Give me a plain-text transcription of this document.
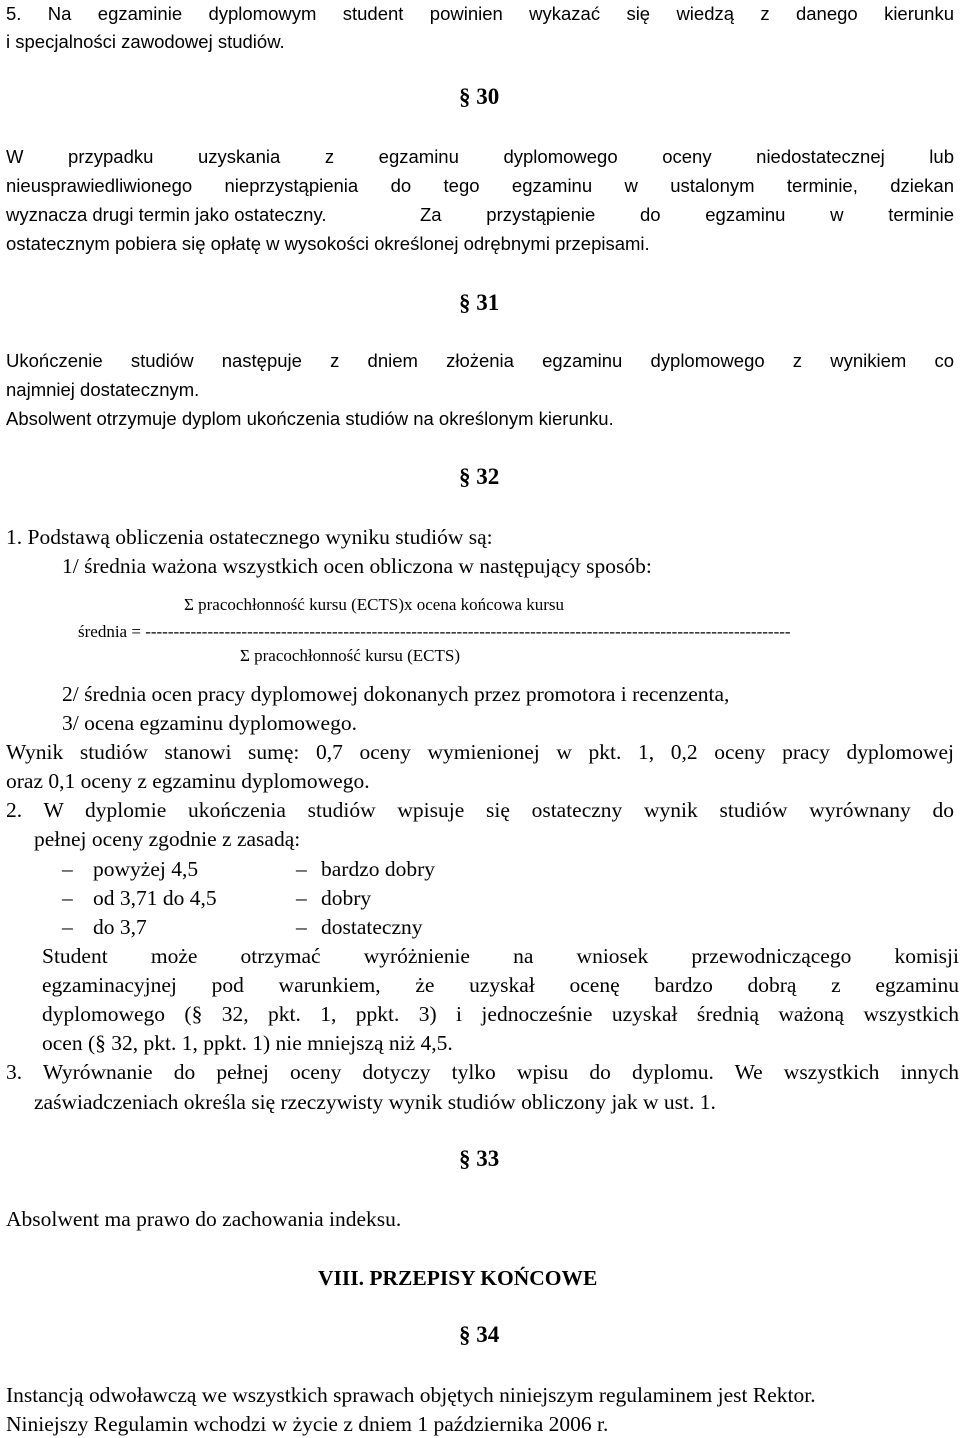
5. Na egzaminie dyplomowym student powinien wykazać się wiedzą z danego kierunku
i specjalności zawodowej studiów.
§ 30
W przypadku uzyskania z egzaminu dyplomowego oceny niedostatecznej lub
nieusprawiedliwionego nieprzystąpienia do tego egzaminu w ustalonym terminie, dziekan
wyznacza drugi termin jako ostateczny.	Za przystąpienie do egzaminu w terminie
ostatecznym pobiera się opłatę w wysokości określonej odrębnymi przepisami.
§ 31
Ukończenie studiów następuje z dniem złożenia egzaminu dyplomowego z wynikiem co
najmniej dostatecznym.
Absolwent otrzymuje dyplom ukończenia studiów na określonym kierunku.
§ 32
1. Podstawą obliczenia ostatecznego wyniku studiów są:
1/ średnia ważona wszystkich ocen obliczona w następujący sposób:
Σ pracochłonność kursu (ECTS)x ocena końcowa kursu
średnia = ------------------------------------------------------------------------------------------------------------------
Σ pracochłonność kursu (ECTS)
2/ średnia ocen pracy dyplomowej dokonanych przez promotora i recenzenta,
3/ ocena egzaminu dyplomowego.
Wynik studiów stanowi sumę: 0,7 oceny wymienionej w pkt. 1, 0,2 oceny pracy dyplomowej
oraz 0,1 oceny z egzaminu dyplomowego.
2. W dyplomie ukończenia studiów wpisuje się ostateczny wynik studiów wyrównany do
pełnej oceny zgodnie z zasadą:
– powyżej 4,5	– bardzo dobry
– od 3,71 do 4,5	– dobry
– do 3,7	– dostateczny
Student może otrzymać wyróżnienie na wniosek przewodniczącego komisji
egzaminacyjnej pod warunkiem, że uzyskał ocenę bardzo dobrą z egzaminu
dyplomowego (§ 32, pkt. 1, ppkt. 3) i jednocześnie uzyskał średnią ważoną wszystkich
ocen (§ 32, pkt. 1, ppkt. 1) nie mniejszą niż 4,5.
3. Wyrównanie do pełnej oceny dotyczy tylko wpisu do dyplomu. We wszystkich innych
zaświadczeniach określa się rzeczywisty wynik studiów obliczony jak w ust. 1.
§ 33
Absolwent ma prawo do zachowania indeksu.
VIII. PRZEPISY KOŃCOWE
§ 34
Instancją odwoławczą we wszystkich sprawach objętych niniejszym regulaminem jest Rektor.
Niniejszy Regulamin wchodzi w życie z dniem 1 października 2006 r.
